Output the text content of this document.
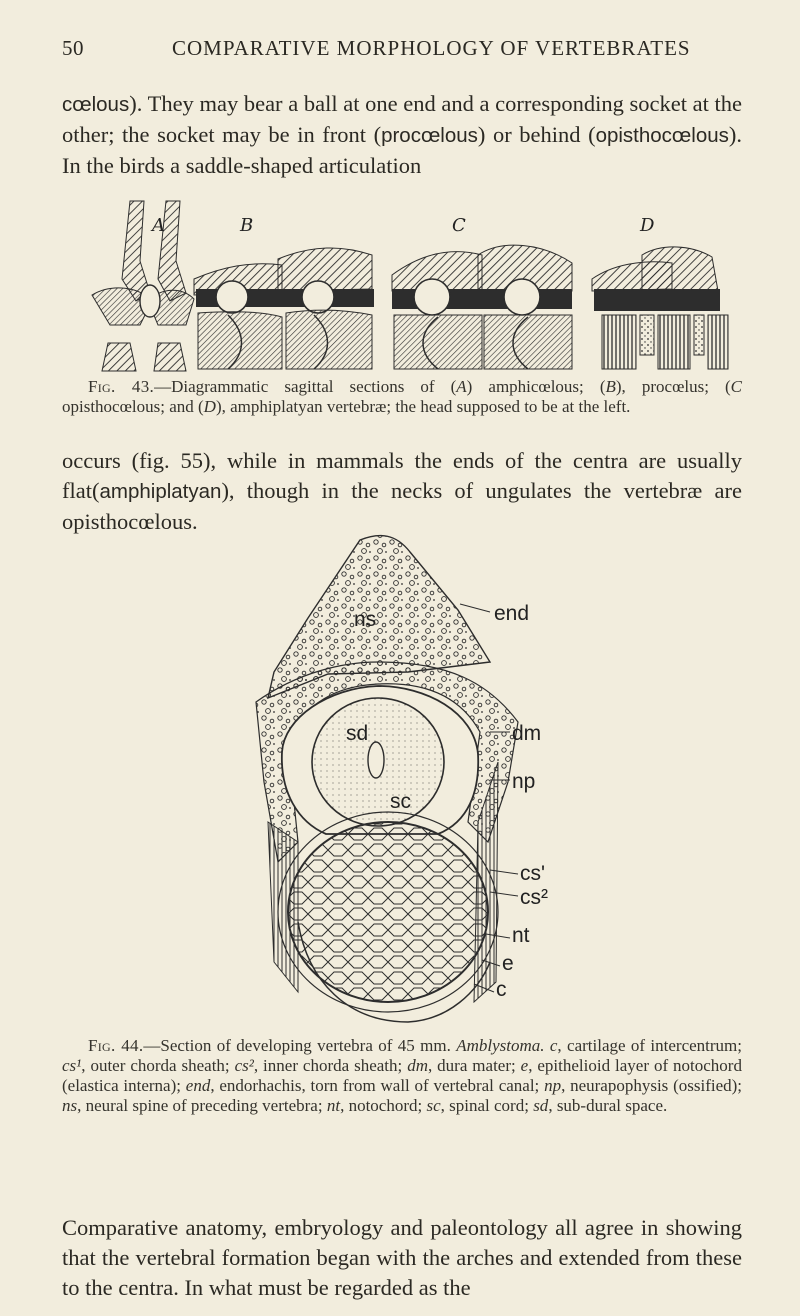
50	COMPARATIVE MORPHOLOGY OF VERTEBRATES
cœlous). They may bear a ball at one end and a corresponding socket at the other; the socket may be in front (procœlous) or behind (opisthocœlous). In the birds a saddle-shaped articulation
A	B	C	D
Fig. 43.—Diagrammatic sagittal sections of (A) amphicœlous; (B), procœlus; (C opisthocœlous; and (D), amphiplatyan vertebræ; the head supposed to be at the left.
occurs (fig. 55), while in mammals the ends of the centra are usually flat(amphiplatyan), though in the necks of ungulates the vertebræ are opisthocœlous.
ns	end
sd	dm
sc
np
cs'
cs²
nt
e
c
Fig. 44.—Section of developing vertebra of 45 mm. Amblystoma. c, cartilage of intercentrum; cs¹, outer chorda sheath; cs², inner chorda sheath; dm, dura mater; e, epithelioid layer of notochord (elastica interna); end, endorhachis, torn from wall of vertebral canal; np, neurapophysis (ossified); ns, neural spine of preceding vertebra; nt, notochord; sc, spinal cord; sd, sub-dural space.
Comparative anatomy, embryology and paleontology all agree in showing that the vertebral formation began with the arches and extended from these to the centra. In what must be regarded as the
